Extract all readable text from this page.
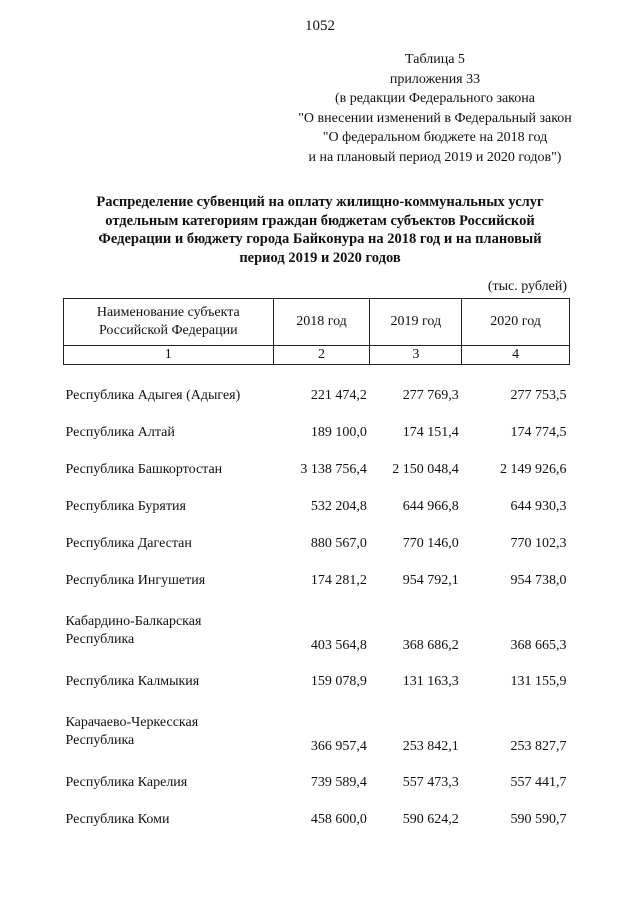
1052
Таблица 5
приложения 33
(в редакции Федерального закона
"О внесении изменений в Федеральный закон
"О федеральном бюджете на 2018 год
и на плановый период 2019 и 2020 годов")
Распределение субвенций на оплату жилищно-коммунальных услуг
отдельным категориям граждан бюджетам субъектов Российской
Федерации и бюджету города Байконура на 2018 год и на плановый
период 2019 и 2020 годов
(тыс. рублей)
Наименование субъекта
Российской Федерации	2018 год	2019 год	2020 год
1	2	3	4

Республика Адыгея (Адыгея)	221 474,2	277 769,3	277 753,5
Республика Алтай	189 100,0	174 151,4	174 774,5
Республика Башкортостан	3 138 756,4	2 150 048,4	2 149 926,6
Республика Бурятия	532 204,8	644 966,8	644 930,3
Республика Дагестан	880 567,0	770 146,0	770 102,3
Республика Ингушетия	174 281,2	954 792,1	954 738,0

Кабардино-Балкарская
Республика	403 564,8	368 686,2	368 665,3
Республика Калмыкия	159 078,9	131 163,3	131 155,9

Карачаево-Черкесская
Республика	366 957,4	253 842,1	253 827,7
Республика Карелия	739 589,4	557 473,3	557 441,7
Республика Коми	458 600,0	590 624,2	590 590,7
